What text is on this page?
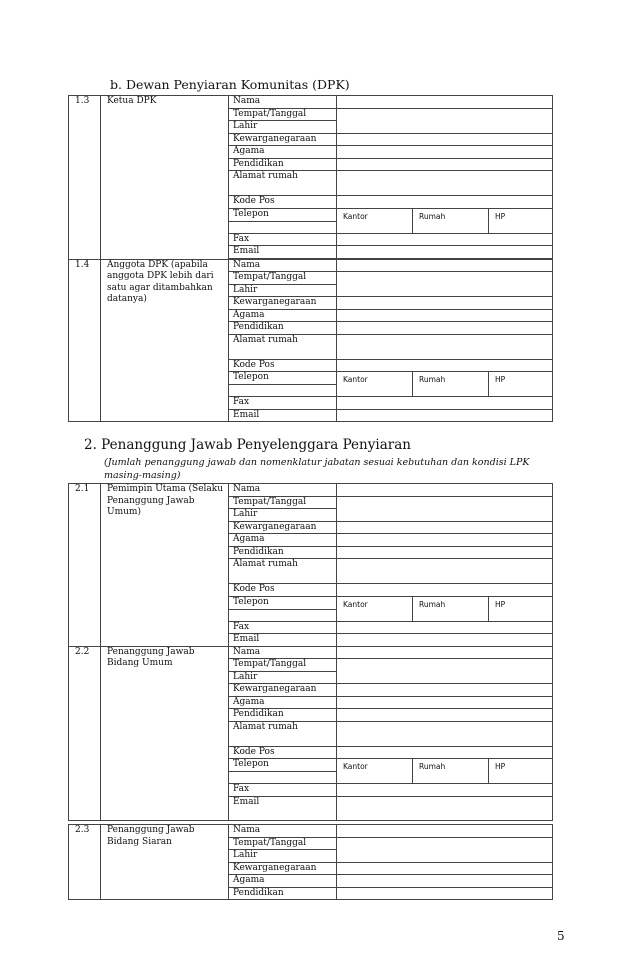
b. Dewan Penyiaran Komunitas (DPK)
1.3	Ketua DPK	Nama			
		Tempat/Tanggal			
		Lahir			
		Kewarganegaraan			
		Agama			
		Pendidikan			
		Alamat rumah			
		Kode Pos			
		Telepon	Kantor	Rumah	HP

		Fax			
		Email			

1.4	Anggota DPK (apabila anggota DPK lebih dari satu agar ditambahkan datanya)	Nama			
		Tempat/Tanggal			
		Lahir			
		Kewarganegaraan			
		Agama			
		Pendidikan			
		Alamat rumah			
		Kode Pos			
		Telepon	Kantor	Rumah	HP

		Fax			
		Email			
2. Penanggung Jawab Penyelenggara Penyiaran
(Jumlah penanggung jawab dan nomenklatur jabatan sesuai kebutuhan dan kondisi LPK masing-masing)
2.1	Pemimpin Utama (Selaku Penanggung Jawab Umum)	Nama			
		Tempat/Tanggal			
		Lahir			
		Kewarganegaraan			
		Agama			
		Pendidikan			
		Alamat rumah			
		Kode Pos			
		Telepon	Kantor	Rumah	HP

		Fax			
		Email			
2.2	Penanggung Jawab Bidang Umum	Nama			
		Tempat/Tanggal			
		Lahir			
		Kewarganegaraan			
		Agama			
		Pendidikan			
		Alamat rumah			
		Kode Pos			
		Telepon	Kantor	Rumah	HP

		Fax			
		Email			
2.3	Penanggung Jawab Bidang Siaran	Nama	
		Tempat/Tanggal	
		Lahir	
		Kewarganegaraan	
		Agama	
		Pendidikan	
5
